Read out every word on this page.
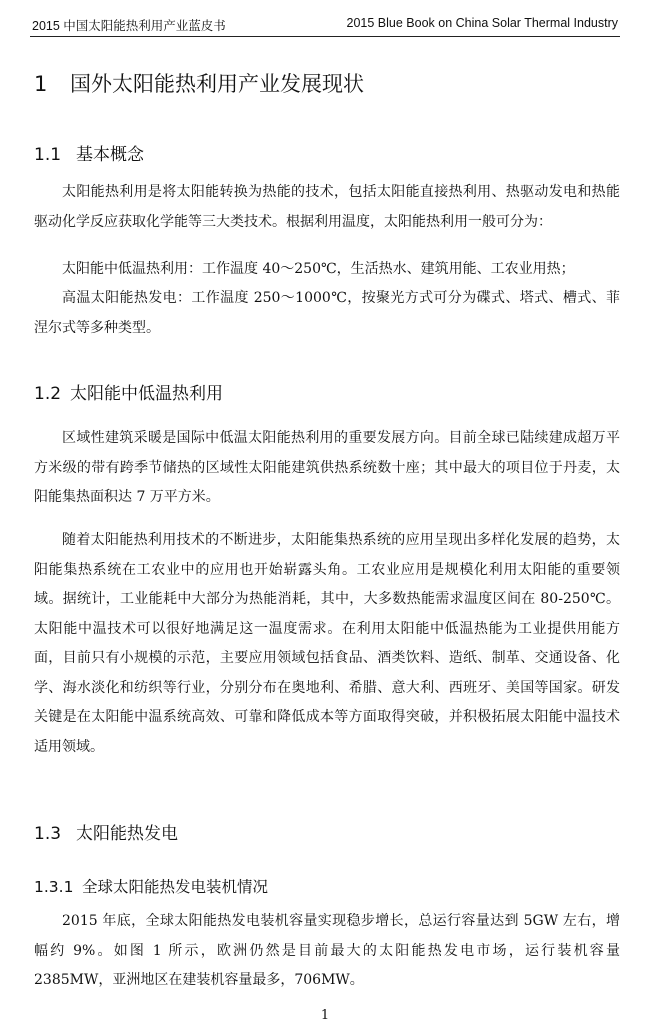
2015 中国太阳能热利用产业蓝皮书	2015 Blue Book on China Solar Thermal Industry
1 国外太阳能热利用产业发展现状
1.1 基本概念

太阳能热利用是将太阳能转换为热能的技术，包括太阳能直接热利用、热驱动发电和热能驱动化学反应获取化学能等三大类技术。根据利用温度，太阳能热利用一般可分为：

太阳能中低温热利用：工作温度 40～250℃，生活热水、建筑用能、工农业用热；

高温太阳能热发电：工作温度 250～1000℃，按聚光方式可分为碟式、塔式、槽式、菲涅尔式等多种类型。

1.2 太阳能中低温热利用

区域性建筑采暖是国际中低温太阳能热利用的重要发展方向。目前全球已陆续建成超万平方米级的带有跨季节储热的区域性太阳能建筑供热系统数十座；其中最大的项目位于丹麦，太阳能集热面积达 7 万平方米。

随着太阳能热利用技术的不断进步，太阳能集热系统的应用呈现出多样化发展的趋势，太阳能集热系统在工农业中的应用也开始崭露头角。工农业应用是规模化利用太阳能的重要领域。据统计，工业能耗中大部分为热能消耗，其中，大多数热能需求温度区间在 80-250℃。太阳能中温技术可以很好地满足这一温度需求。在利用太阳能中低温热能为工业提供用能方面，目前只有小规模的示范，主要应用领域包括食品、酒类饮料、造纸、制革、交通设备、化学、海水淡化和纺织等行业，分别分布在奥地利、希腊、意大利、西班牙、美国等国家。研发关键是在太阳能中温系统高效、可靠和降低成本等方面取得突破，并积极拓展太阳能中温技术适用领域。

1.3 太阳能热发电
1.3.1 全球太阳能热发电装机情况

2015 年底，全球太阳能热发电装机容量实现稳步增长，总运行容量达到 5GW 左右，增幅约 9%。如图 1 所示，欧洲仍然是目前最大的太阳能热发电市场，运行装机容量 2385MW，亚洲地区在建装机容量最多，706MW。

1
